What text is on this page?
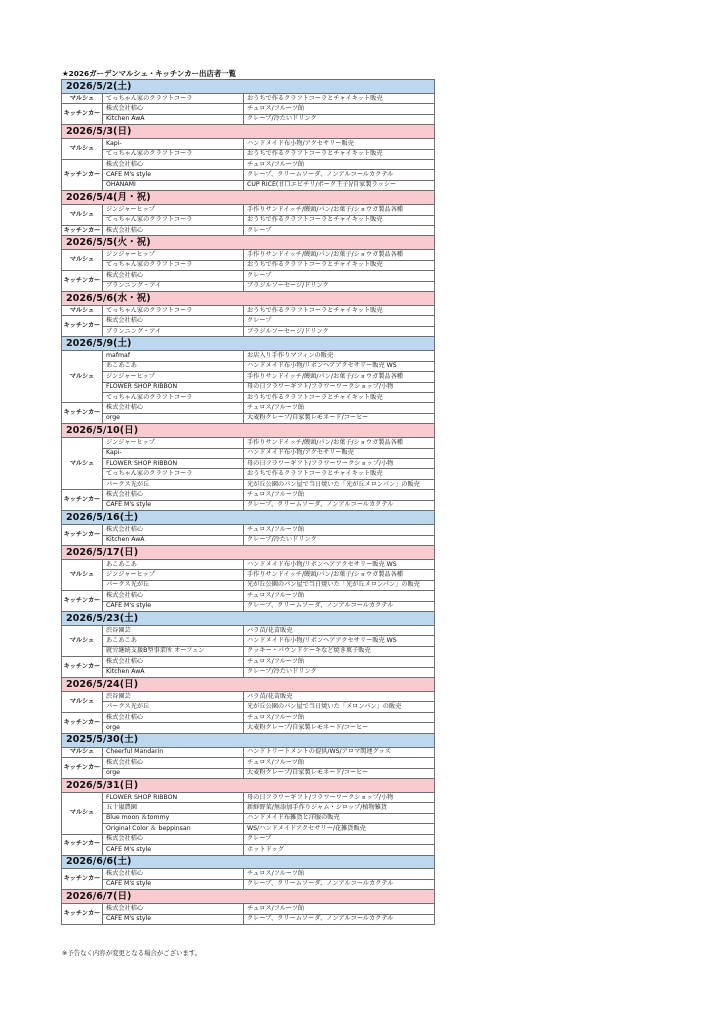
★2026ガーデンマルシェ・キッチンカー出店者一覧
2026/5/2(土)		
マルシェ	てっちゃん家のクラフトコーラ	おうちで作るクラフトコーラとチャイキット販売
キッチンカー	株式会社桔心	チュロス/フルーツ飴
	Kitchen AwA	クレープ/冷たいドリンク
2026/5/3(日)		
マルシェ	Kapi-	ハンドメイド布小物/アクセサリー販売
	てっちゃん家のクラフトコーラ	おうちで作るクラフトコーラとチャイキット販売
キッチンカー	株式会社桔心	チュロス/フルーツ飴
	CAFE M's style	クレープ、クリームソーダ、ノンアルコールカクテル
	OHANAMI	CUP RICE(甘口エビチリ/ポーク王子)/自家製ラッシー
2026/5/4(月・祝)		
マルシェ	ジンジャーヒップ	手作りサンドイッチ/饅頭/パン/お菓子/ショウガ製品各種
	てっちゃん家のクラフトコーラ	おうちで作るクラフトコーラとチャイキット販売
キッチンカー	株式会社桔心	クレープ
2026/5/5(火・祝)		
マルシェ	ジンジャーヒップ	手作りサンドイッチ/饅頭/パン/お菓子/ショウガ製品各種
	てっちゃん家のクラフトコーラ	おうちで作るクラフトコーラとチャイキット販売
キッチンカー	株式会社桔心	クレープ
	ブランニング・アイ	ブラジルソーセージ/ドリンク
2026/5/6(水・祝)		
マルシェ	てっちゃん家のクラフトコーラ	おうちで作るクラフトコーラとチャイキット販売
キッチンカー	株式会社桔心	クレープ
	ブランニング・アイ	ブラジルソーセージ/ドリンク
2026/5/9(土)		
マルシェ	mafmaf	お店入り手作りマフィンの販売
	あこあこあ	ハンドメイド布小物/リボンヘアアクセサリー販売 WS
	ジンジャーヒップ	手作りサンドイッチ/饅頭/パン/お菓子/ショウガ製品各種
	FLOWER SHOP RIBBON	母の日フラワーギフト/フラワーワークショップ/小物
	てっちゃん家のクラフトコーラ	おうちで作るクラフトコーラとチャイキット販売
キッチンカー	株式会社桔心	チュロス/フルーツ飴
	orge	大麦粉クレープ/自家製レモネード/コーヒー
2026/5/10(日)		
マルシェ	ジンジャーヒップ	手作りサンドイッチ/饅頭/パン/お菓子/ショウガ製品各種
	Kapi-	ハンドメイド布小物/アクセサリー販売
	FLOWER SHOP RIBBON	母の日フラワーギフト/フラワーワークショップ/小物
	てっちゃん家のクラフトコーラ	おうちで作るクラフトコーラとチャイキット販売
	パークス光が丘	光が丘公園のパン屋で当日焼いた「光が丘メロンパン」の販売
キッチンカー	株式会社桔心	チュロス/フルーツ飴
	CAFE M's style	クレープ、クリームソーダ、ノンアルコールカクテル
2026/5/16(土)		
キッチンカー	株式会社桔心	チュロス/フルーツ飴
	Kitchen AwA	クレープ/冷たいドリンク
2026/5/17(日)		
マルシェ	あこあこあ	ハンドメイド布小物/リボンヘアアクセサリー販売 WS
	ジンジャーヒップ	手作りサンドイッチ/饅頭/パン/お菓子/ショウガ製品各種
	パークス光が丘	光が丘公園のパン屋で当日焼いた「光が丘メロンパン」の販売
キッチンカー	株式会社桔心	チュロス/フルーツ飴
	CAFE M's style	クレープ、クリームソーダ、ノンアルコールカクテル
2026/5/23(土)		
マルシェ	渋谷園芸	バラ苗/花苗販売
	あこあこあ	ハンドメイド布小物/リボンヘアアクセサリー販売 WS
	就労継続支援B型事業所 オーフェン	クッキー・パウンドケーキなど焼き菓子販売
キッチンカー	株式会社桔心	チュロス/フルーツ飴
	Kitchen AwA	クレープ/冷たいドリンク
2026/5/24(日)		
マルシェ	渋谷園芸	バラ苗/花苗販売
	パークス光が丘	光が丘公園のパン屋で当日焼いた「メロンパン」の販売
キッチンカー	株式会社桔心	チュロス/フルーツ飴
	orge	大麦粉クレープ/自家製レモネード/コーヒー
2025/5/30(土)		
マルシェ	Cheerful Mandarin	ハンドトリートメントの提供/WS/アロマ関連グッズ
キッチンカー	株式会社桔心	チュロス/フルーツ飴
	orge	大麦粉クレープ/自家製レモネード/コーヒー
2026/5/31(日)		
マルシェ	FLOWER SHOP RIBBON	母の日フラワーギフト/フラワーワークショップ/小物
	五十嵐農園	新鮮野菜/無添加手作りジャム・シロップ/植物雑貨
	Blue moon ＆tommy	ハンドメイド布雑貨と洋服の販売
	Original Color ＆ beppinsan	WS/ハンドメイドアクセサリー/花雑貨販売
キッチンカー	株式会社桔心	クレープ
	CAFE M's style	ホットドッグ
2026/6/6(土)		
キッチンカー	株式会社桔心	チュロス/フルーツ飴
	CAFE M's style	クレープ、クリームソーダ、ノンアルコールカクテル
2026/6/7(日)		
キッチンカー	株式会社桔心	チュロス/フルーツ飴
	CAFE M's style	クレープ、クリームソーダ、ノンアルコールカクテル
※予告なく内容が変更となる場合がございます。
